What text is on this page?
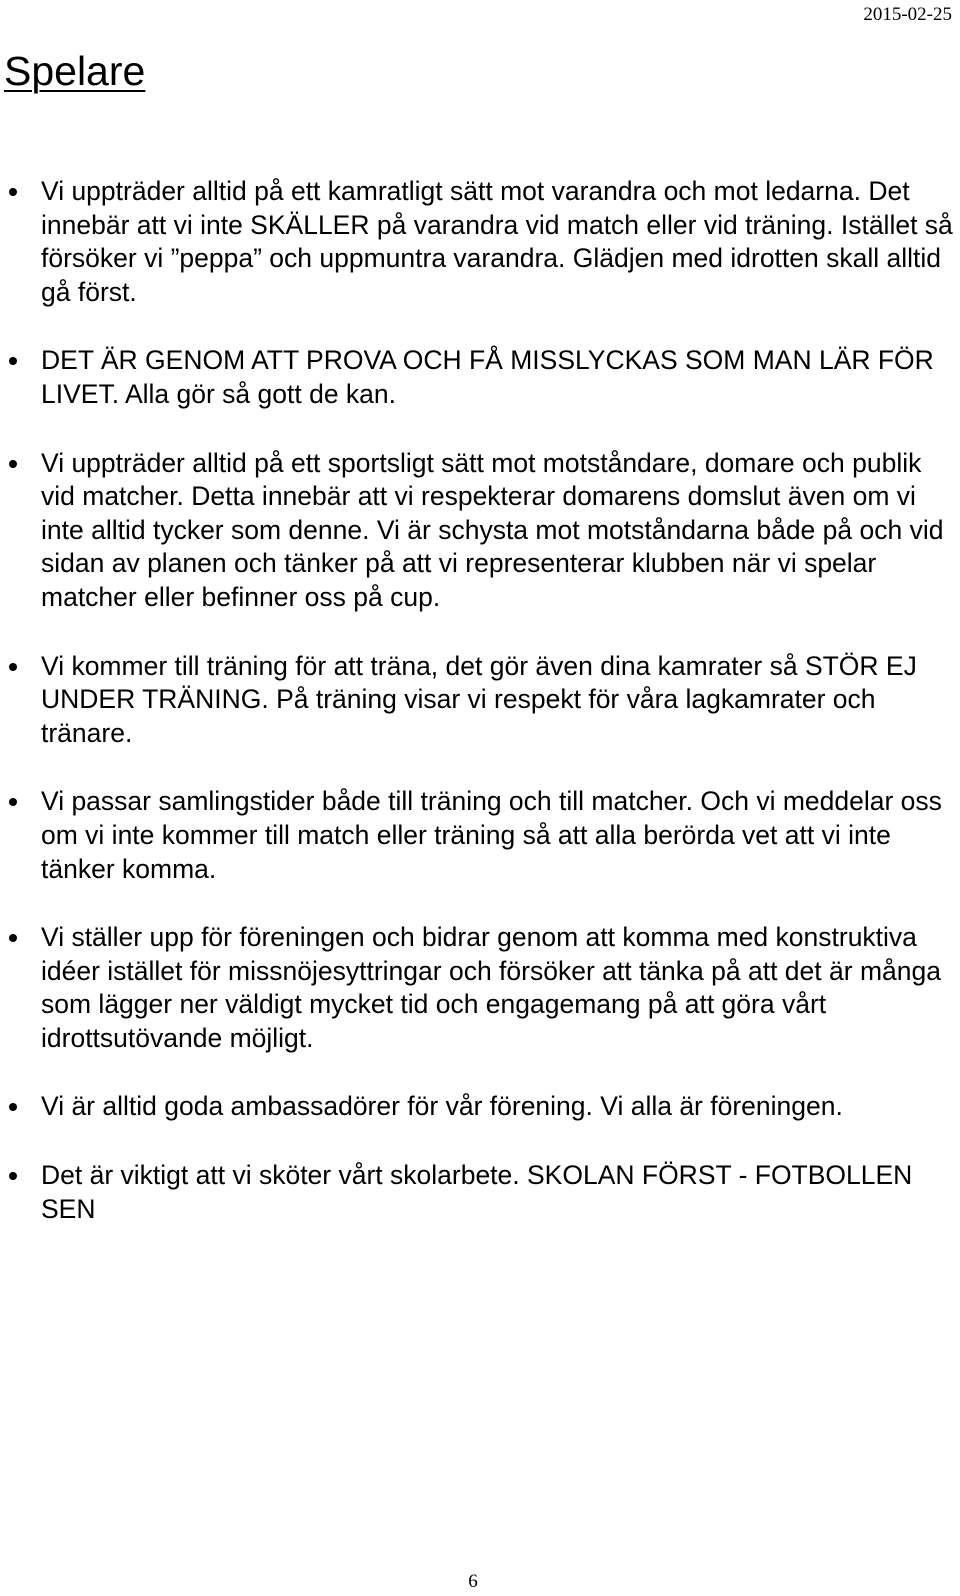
2015-02-25
Spelare
Vi uppträder alltid på ett kamratligt sätt mot varandra och mot ledarna. Det innebär att vi inte SKÄLLER på varandra vid match eller vid träning. Istället så försöker vi ”peppa” och uppmuntra varandra. Glädjen med idrotten skall alltid gå först.
DET ÄR GENOM ATT PROVA OCH FÅ MISSLYCKAS SOM MAN LÄR FÖR LIVET. Alla gör så gott de kan.
Vi uppträder alltid på ett sportsligt sätt mot motståndare, domare och publik vid matcher. Detta innebär att vi respekterar domarens domslut även om vi inte alltid tycker som denne. Vi är schysta mot motståndarna både på och vid sidan av planen och tänker på att vi representerar klubben när vi spelar matcher eller befinner oss på cup.
Vi kommer till träning för att träna, det gör även dina kamrater så STÖR EJ UNDER TRÄNING. På träning visar vi respekt för våra lagkamrater och tränare.
Vi passar samlingstider både till träning och till matcher. Och vi meddelar oss om vi inte kommer till match eller träning så att alla berörda vet att vi inte tänker komma.
Vi ställer upp för föreningen och bidrar genom att komma med konstruktiva idéer istället för missnöjesyttringar och försöker att tänka på att det är många som lägger ner väldigt mycket tid och engagemang på att göra vårt idrottsutövande möjligt.
Vi är alltid goda ambassadörer för vår förening. Vi alla är föreningen.
Det är viktigt att vi sköter vårt skolarbete. SKOLAN FÖRST - FOTBOLLEN SEN
6
